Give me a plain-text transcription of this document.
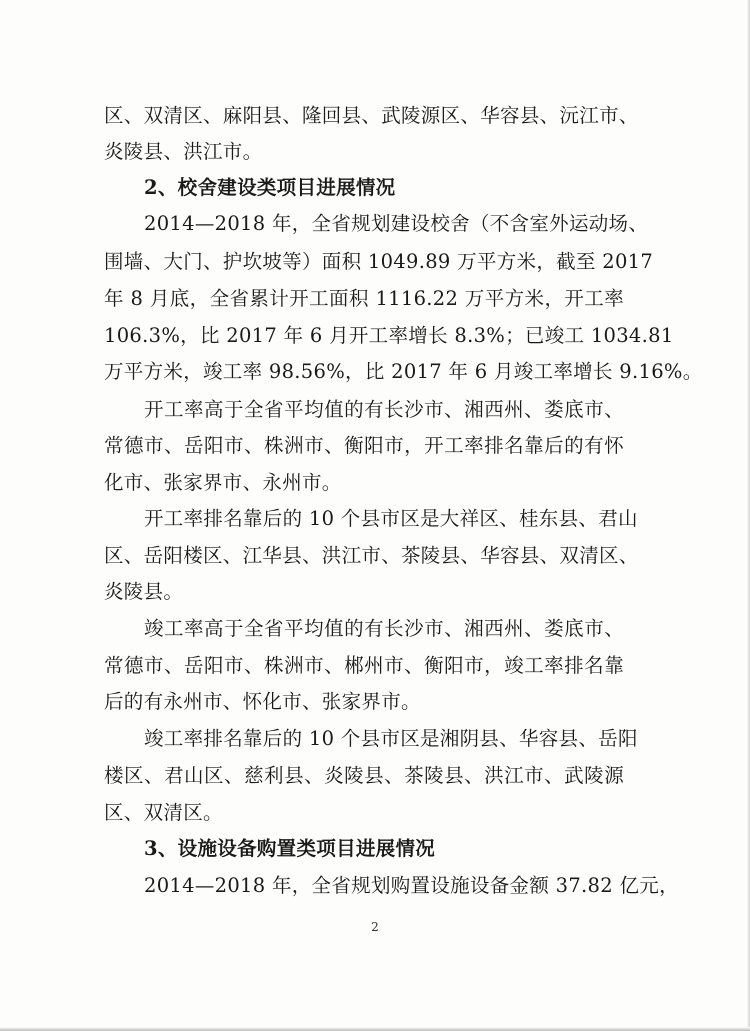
区、双清区、麻阳县、隆回县、武陵源区、华容县、沅江市、
炎陵县、洪江市。
2、校舍建设类项目进展情况
2014—2018 年，全省规划建设校舍（不含室外运动场、
围墙、大门、护坎坡等）面积 1049.89 万平方米，截至 2017
年 8 月底，全省累计开工面积 1116.22 万平方米，开工率
106.3%，比 2017 年 6 月开工率增长 8.3%；已竣工 1034.81
万平方米，竣工率 98.56%，比 2017 年 6 月竣工率增长 9.16%。
开工率高于全省平均值的有长沙市、湘西州、娄底市、
常德市、岳阳市、株洲市、衡阳市，开工率排名靠后的有怀
化市、张家界市、永州市。
开工率排名靠后的 10 个县市区是大祥区、桂东县、君山
区、岳阳楼区、江华县、洪江市、茶陵县、华容县、双清区、
炎陵县。
竣工率高于全省平均值的有长沙市、湘西州、娄底市、
常德市、岳阳市、株洲市、郴州市、衡阳市，竣工率排名靠
后的有永州市、怀化市、张家界市。
竣工率排名靠后的 10 个县市区是湘阴县、华容县、岳阳
楼区、君山区、慈利县、炎陵县、茶陵县、洪江市、武陵源
区、双清区。
3、设施设备购置类项目进展情况
2014—2018 年，全省规划购置设施设备金额 37.82 亿元，
2
